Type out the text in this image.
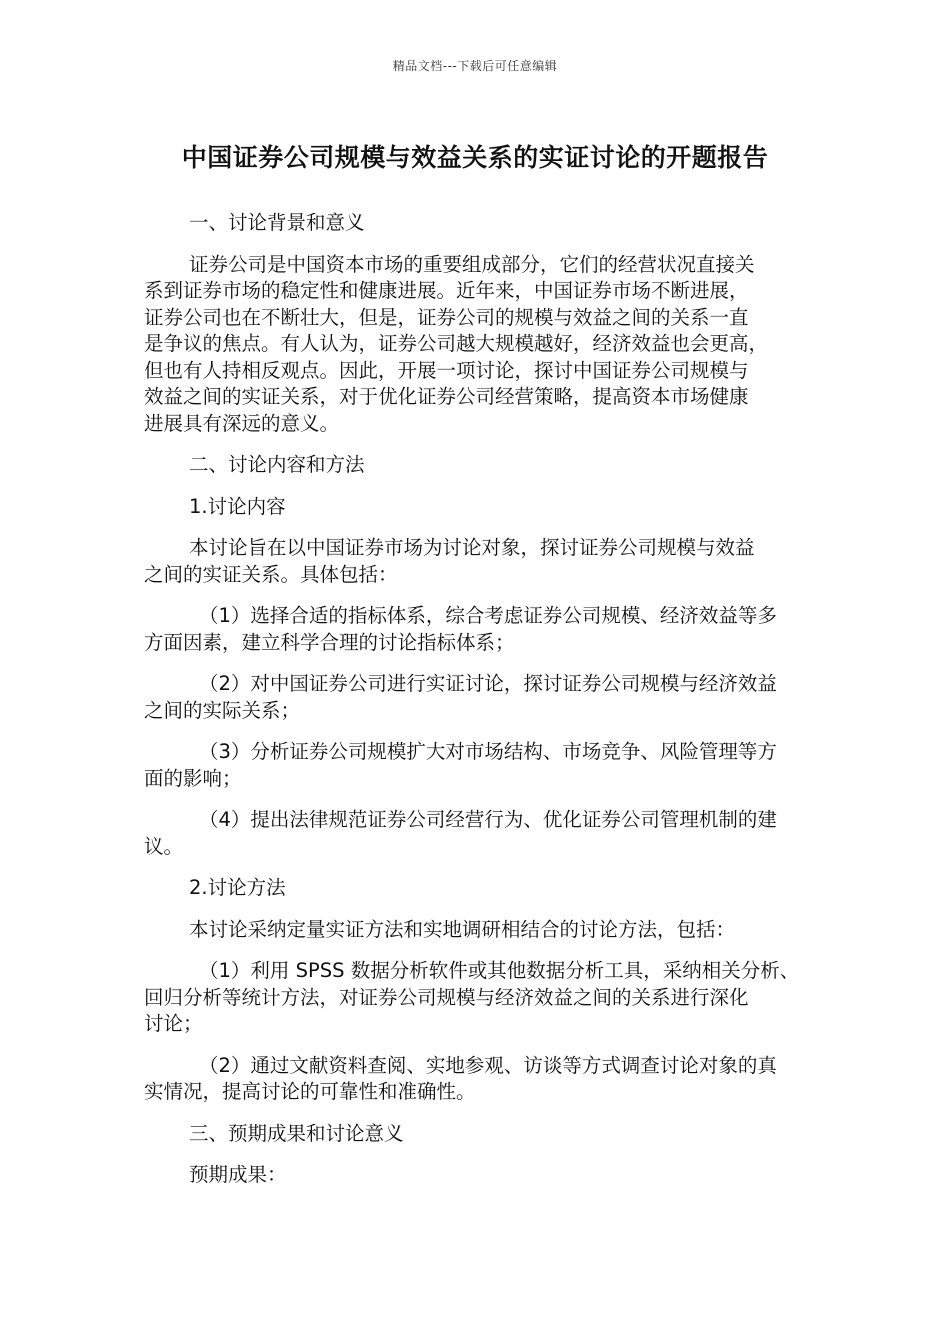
精品文档---下载后可任意编辑
中国证券公司规模与效益关系的实证讨论的开题报告
一、讨论背景和意义
证券公司是中国资本市场的重要组成部分，它们的经营状况直接关
系到证券市场的稳定性和健康进展。近年来，中国证券市场不断进展，
证券公司也在不断壮大，但是，证券公司的规模与效益之间的关系一直
是争议的焦点。有人认为，证券公司越大规模越好，经济效益也会更高，
但也有人持相反观点。因此，开展一项讨论，探讨中国证券公司规模与
效益之间的实证关系，对于优化证券公司经营策略，提高资本市场健康
进展具有深远的意义。
二、讨论内容和方法
1.讨论内容
本讨论旨在以中国证券市场为讨论对象，探讨证券公司规模与效益
之间的实证关系。具体包括：
（1）选择合适的指标体系，综合考虑证券公司规模、经济效益等多
方面因素，建立科学合理的讨论指标体系；
（2）对中国证券公司进行实证讨论，探讨证券公司规模与经济效益
之间的实际关系；
（3）分析证券公司规模扩大对市场结构、市场竞争、风险管理等方
面的影响；
（4）提出法律规范证券公司经营行为、优化证券公司管理机制的建
议。
2.讨论方法
本讨论采纳定量实证方法和实地调研相结合的讨论方法，包括：
（1）利用 SPSS 数据分析软件或其他数据分析工具，采纳相关分析、
回归分析等统计方法，对证券公司规模与经济效益之间的关系进行深化
讨论；
（2）通过文献资料查阅、实地参观、访谈等方式调查讨论对象的真
实情况，提高讨论的可靠性和准确性。
三、预期成果和讨论意义
预期成果：
